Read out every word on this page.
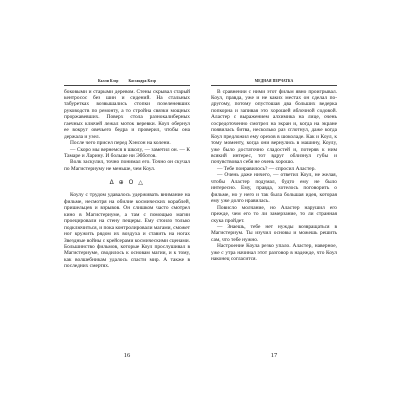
Калли Клэр	Кассандра Клэр

боковыми и старыми деревом. Стены скрывал старый кентросос без шин и сидений. На стальных табуретках возвышались стопки позеленевших руководств по ремонту, а то стройна связки мощных проржавевших. Поверх стола разнокалиберных гаечных ключей лежал моток веревки. Коул обернул ее вокруг овечьего бедра и проверил, чтобы она держала и узел.

После чего присел перед Хэнсон на колени.

— Скоро мы вернемся в школу, — заметил он. — К Тамаре и Ларину. И больше ни Эбботов.

Волк заскулил, точно понимал его. Точно он скучал по Магистериуму не меньше, чем Коул.

Δ ⊕ Ο △

Коулу с трудом удавалось удерживать внимание на фильме, несмотря на обилие космических кораблей, пришельцев и взрывов. Он слишком часто смотрел кино в Магистериуме, а там с помощью магии проецировали на стену пещеры. Ему стоило только подключиться, и пока контролировали магами, сможет ног кружить рядом их воздуха и ставить на ногах Звездные войны с крейсерами космическими сценами. Большинство фильмов, которые Коул прослушивал в Магистериуме, сводилось к основам магии, и к тому, как волшебникам удалось спасти мир. А также в последних смертях.

МЕДНАЯ ПЕРЧАТКА

В сравнении с ними этот фильм явно проигрывал. Коул, правда, уже и не каких местах он сделал по-другому, потому опустошая два больших ведерка попкорна и запивая это хорошей яблочной содовой. Аластер с выражением алхимика на лице, очень сосредоточенно смотрел на экран и, когда на экране появилась битва, несколько раз сглотнул, даже когда Коул предложил ему орехов в шоколаде. Как и Коул, к тому моменту, когда они вернулись в машину, Коулу, уже было достаточно сладостей и, потеряв к ним всякий интерес, тот вдруг облизнул губы и почувствовал себя не очень хорошо.

— Тебе понравилось? — спросил Аластер.

— Очень даже ничего, — ответил Коул, не желая, чтобы Аластер подумал, будто ему не было интересно. Ему, правда, хотелось поговорить о фильме, но у него и так была большая идея, которая ему уже долго нравилась.

Повисло молчание, но Аластер нарушил его прежде, чем его то ли замерзание, то ли странная скука пройдет.

— Знаешь, тебе нет нужды возвращаться в Магистериум. Ты изучил основы и можешь решить сам, что тебе нужно.

Настроение Коула резко упало. Аластер, наверное, уже с утра начинал этот разговор в надежде, что Коул наконец согласится.

16	17
